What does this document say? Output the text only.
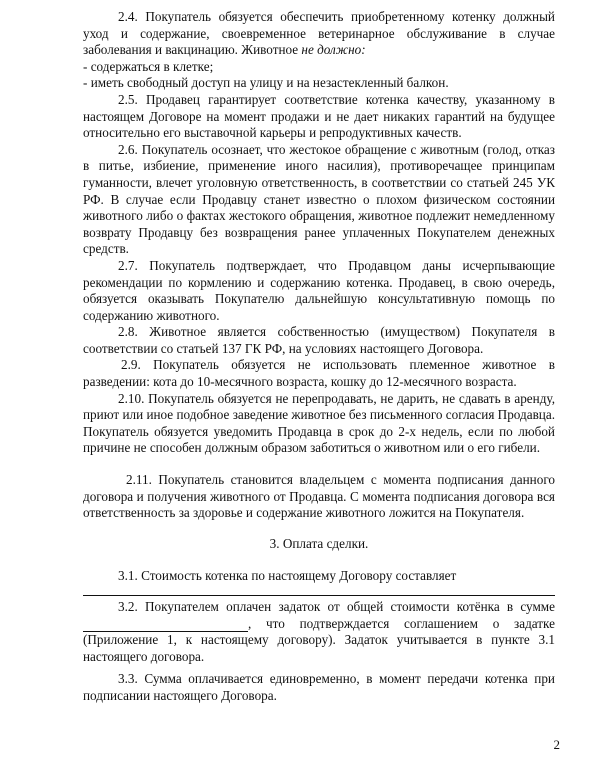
2.4. Покупатель обязуется обеспечить приобретенному котенку должный уход и содержание, своевременное ветеринарное обслуживание в случае заболевания и вакцинацию. Животное не должно:

- содержаться в клетке;

- иметь свободный доступ на улицу и на незастекленный балкон.

2.5. Продавец гарантирует соответствие котенка качеству, указанному в настоящем Договоре на момент продажи и не дает никаких гарантий на будущее относительно его выставочной карьеры и репродуктивных качеств.

2.6. Покупатель осознает, что жестокое обращение с животным (голод, отказ в питье, избиение, применение иного насилия), противоречащее принципам гуманности, влечет уголовную ответственность, в соответствии со статьей 245 УК РФ. В случае если Продавцу станет известно о плохом физическом состоянии животного либо о фактах жестокого обращения, животное подлежит немедленному возврату Продавцу без возвращения ранее уплаченных Покупателем денежных средств.

2.7. Покупатель подтверждает, что Продавцом даны исчерпывающие рекомендации по кормлению и содержанию котенка. Продавец, в свою очередь, обязуется оказывать Покупателю дальнейшую консультативную помощь по содержанию животного.

2.8. Животное является собственностью (имуществом) Покупателя в соответствии со статьей 137 ГК РФ, на условиях настоящего Договора.

2.9. Покупатель обязуется не использовать племенное животное в разведении: кота до 10-месячного возраста, кошку до 12-месячного возраста.

2.10. Покупатель обязуется не перепродавать, не дарить, не сдавать в аренду, приют или иное подобное заведение животное без письменного согласия Продавца. Покупатель обязуется уведомить Продавца в срок до 2-х недель, если по любой причине не способен должным образом заботиться о животном или о его гибели.

2.11. Покупатель становится владельцем с момента подписания данного договора и получения животного от Продавца. С момента подписания договора вся ответственность за здоровье и содержание животного ложится на Покупателя.

3. Оплата сделки.

3.1. Стоимость котенка по настоящему Договору составляет

3.2. Покупателем оплачен задаток от общей стоимости котёнка в сумме , что подтверждается соглашением о задатке (Приложение 1, к настоящему договору). Задаток учитывается в пункте 3.1 настоящего договора.

3.3. Сумма оплачивается единовременно, в момент передачи котенка при подписании настоящего Договора.

2
